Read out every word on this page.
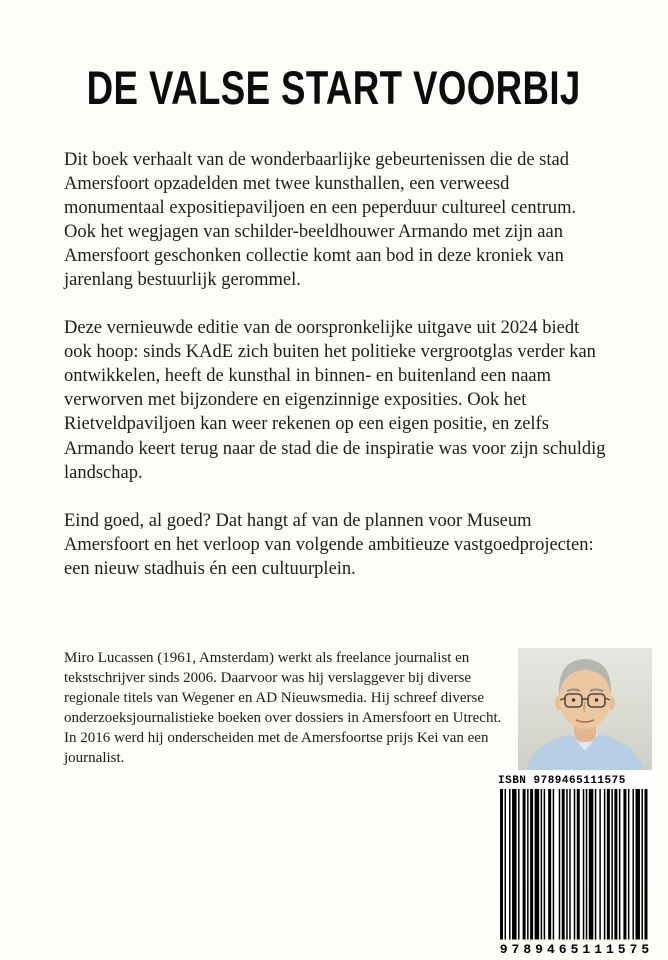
DE VALSE START VOORBIJ

Dit boek verhaalt van de wonderbaarlijke gebeurtenissen die de stad Amersfoort opzadelden met twee kunsthallen, een verweesd monumentaal expositiepaviljoen en een peperduur cultureel centrum. Ook het wegjagen van schilder-beeldhouwer Armando met zijn aan Amersfoort geschonken collectie komt aan bod in deze kroniek van jarenlang bestuurlijk gerommel.

Deze vernieuwde editie van de oorspronkelijke uitgave uit 2024 biedt ook hoop: sinds KAdE zich buiten het politieke vergrootglas verder kan ontwikkelen, heeft de kunsthal in binnen- en buitenland een naam verworven met bijzondere en eigenzinnige exposities. Ook het Rietveldpaviljoen kan weer rekenen op een eigen positie, en zelfs Armando keert terug naar de stad die de inspiratie was voor zijn schuldig landschap.

Eind goed, al goed? Dat hangt af van de plannen voor Museum Amersfoort en het verloop van volgende ambitieuze vastgoedprojecten: een nieuw stadhuis én een cultuurplein.

Miro Lucassen (1961, Amsterdam) werkt als freelance journalist en tekstschrijver sinds 2006. Daarvoor was hij verslaggever bij diverse regionale titels van Wegener en AD Nieuwsmedia. Hij schreef diverse onderzoeksjournalistieke boeken over dossiers in Amersfoort en Utrecht. In 2016 werd hij onderscheiden met de Amersfoortse prijs Kei van een journalist.
ISBN 9789465111575
9789465111575
